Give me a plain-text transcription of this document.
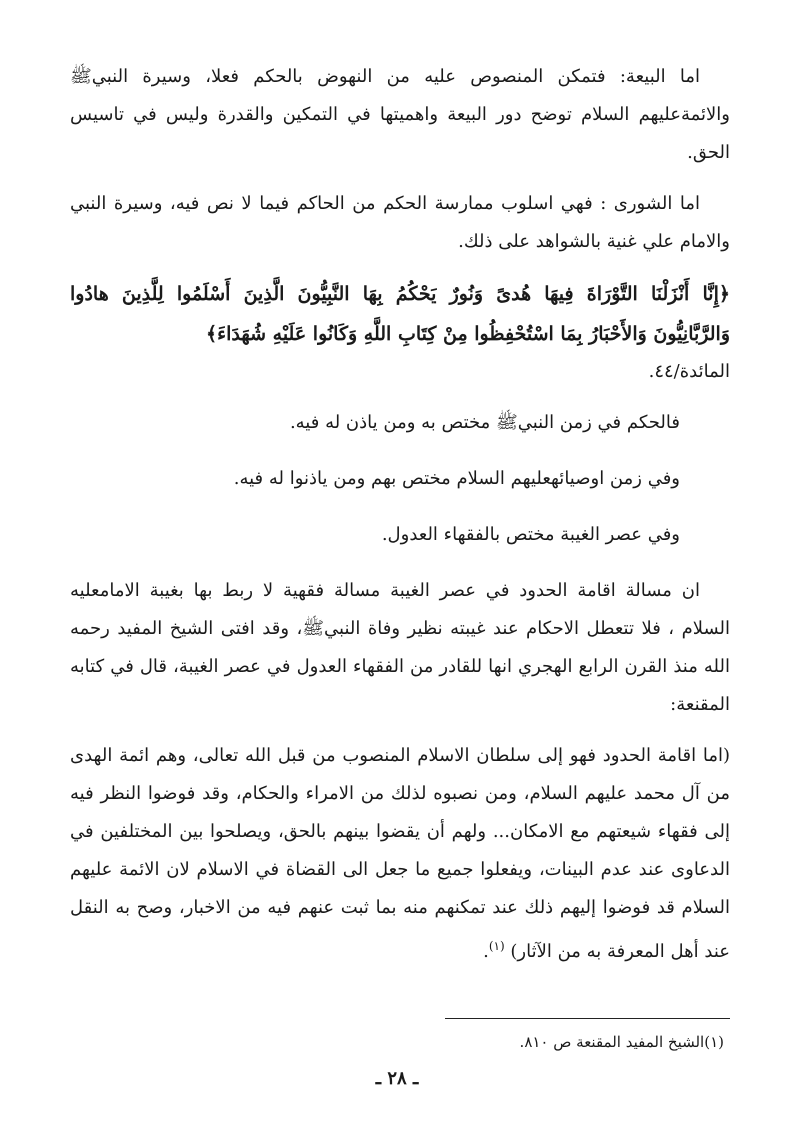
اما البيعة: فتمكن المنصوص عليه من النهوض بالحكم فعلا، وسيرة النبيﷺ والائمةعليهم السلام توضح دور البيعة واهميتها في التمكين والقدرة وليس في تاسيس الحق.

اما الشورى : فهي اسلوب ممارسة الحكم من الحاكم فيما لا نص فيه، وسيرة النبي والامام علي غنية بالشواهد على ذلك.

﴿إِنَّا أَنْزَلْنَا التَّوْرَاةَ فِيهَا هُدىً وَنُورٌ يَحْكُمُ بِهَا النَّبِيُّونَ الَّذِينَ أَسْلَمُوا لِلَّذِينَ هادُوا وَالرَّبَّانِيُّونَ وَالأَحْبَارُ بِمَا اسْتُحْفِظُوا مِنْ كِتَابِ اللَّهِ وَكَانُوا عَلَيْهِ شُهَدَاءَ﴾

المائدة/٤٤.

فالحكم في زمن النبيﷺ مختص به ومن ياذن له فيه.

وفي زمن اوصيائهعليهم السلام مختص بهم ومن ياذنوا له فيه.

وفي عصر الغيبة مختص بالفقهاء العدول.

ان مسالة اقامة الحدود في عصر الغيبة مسالة فقهية لا ربط بها بغيبة الامامعليه السلام ، فلا تتعطل الاحكام عند غيبته نظير وفاة النبيﷺ، وقد افتى الشيخ المفيد رحمه الله منذ القرن الرابع الهجري انها للقادر من الفقهاء العدول في عصر الغيبة، قال في كتابه المقنعة:

(اما اقامة الحدود فهو إلى سلطان الاسلام المنصوب من قبل الله تعالى، وهم ائمة الهدى من آل محمد عليهم السلام، ومن نصبوه لذلك من الامراء والحكام، وقد فوضوا النظر فيه إلى فقهاء شيعتهم مع الامكان... ولهم أن يقضوا بينهم بالحق، ويصلحوا بين المختلفين في الدعاوى عند عدم البينات، ويفعلوا جميع ما جعل الى القضاة في الاسلام لان الائمة عليهم السلام قد فوضوا إليهم ذلك عند تمكنهم منه بما ثبت عنهم فيه من الاخبار، وصح به النقل عند أهل المعرفة به من الآثار) $^{(١)}$.

(١)الشيخ المفيد المقنعة ص ٨١٠.
ـ ٢٨ ـ
